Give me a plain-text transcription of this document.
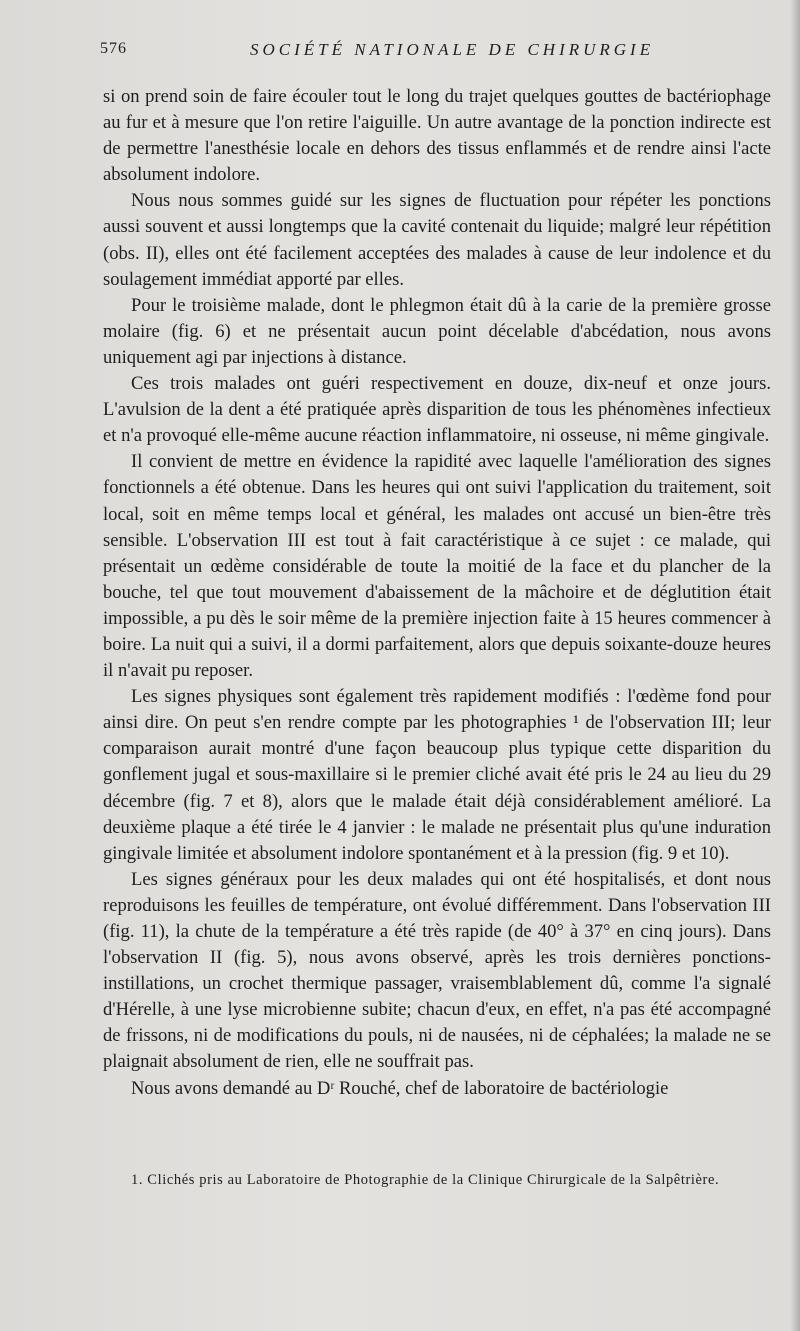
576	SOCIÉTÉ NATIONALE DE CHIRURGIE

si on prend soin de faire écouler tout le long du trajet quelques gouttes de bactériophage au fur et à mesure que l'on retire l'aiguille. Un autre avantage de la ponction indirecte est de permettre l'anesthésie locale en dehors des tissus enflammés et de rendre ainsi l'acte absolument indolore.

Nous nous sommes guidé sur les signes de fluctuation pour répéter les ponctions aussi souvent et aussi longtemps que la cavité contenait du liquide; malgré leur répétition (obs. II), elles ont été facilement acceptées des malades à cause de leur indolence et du soulagement immédiat apporté par elles.

Pour le troisième malade, dont le phlegmon était dû à la carie de la première grosse molaire (fig. 6) et ne présentait aucun point décelable d'abcédation, nous avons uniquement agi par injections à distance.

Ces trois malades ont guéri respectivement en douze, dix-neuf et onze jours. L'avulsion de la dent a été pratiquée après disparition de tous les phénomènes infectieux et n'a provoqué elle-même aucune réaction inflammatoire, ni osseuse, ni même gingivale.

Il convient de mettre en évidence la rapidité avec laquelle l'amélioration des signes fonctionnels a été obtenue. Dans les heures qui ont suivi l'application du traitement, soit local, soit en même temps local et général, les malades ont accusé un bien-être très sensible. L'observation III est tout à fait caractéristique à ce sujet : ce malade, qui présentait un œdème considérable de toute la moitié de la face et du plancher de la bouche, tel que tout mouvement d'abaissement de la mâchoire et de déglutition était impossible, a pu dès le soir même de la première injection faite à 15 heures commencer à boire. La nuit qui a suivi, il a dormi parfaitement, alors que depuis soixante-douze heures il n'avait pu reposer.

Les signes physiques sont également très rapidement modifiés : l'œdème fond pour ainsi dire. On peut s'en rendre compte par les photographies ¹ de l'observation III; leur comparaison aurait montré d'une façon beaucoup plus typique cette disparition du gonflement jugal et sous-maxillaire si le premier cliché avait été pris le 24 au lieu du 29 décembre (fig. 7 et 8), alors que le malade était déjà considérablement amélioré. La deuxième plaque a été tirée le 4 janvier : le malade ne présentait plus qu'une induration gingivale limitée et absolument indolore spontanément et à la pression (fig. 9 et 10).

Les signes généraux pour les deux malades qui ont été hospitalisés, et dont nous reproduisons les feuilles de température, ont évolué différemment. Dans l'observation III (fig. 11), la chute de la température a été très rapide (de 40° à 37° en cinq jours). Dans l'observation II (fig. 5), nous avons observé, après les trois dernières ponctions-instillations, un crochet thermique passager, vraisemblablement dû, comme l'a signalé d'Hérelle, à une lyse microbienne subite; chacun d'eux, en effet, n'a pas été accompagné de frissons, ni de modifications du pouls, ni de nausées, ni de céphalées; la malade ne se plaignait absolument de rien, elle ne souffrait pas.

Nous avons demandé au Dʳ Rouché, chef de laboratoire de bactériologie

1. Clichés pris au Laboratoire de Photographie de la Clinique Chirurgicale de la Salpêtrière.
